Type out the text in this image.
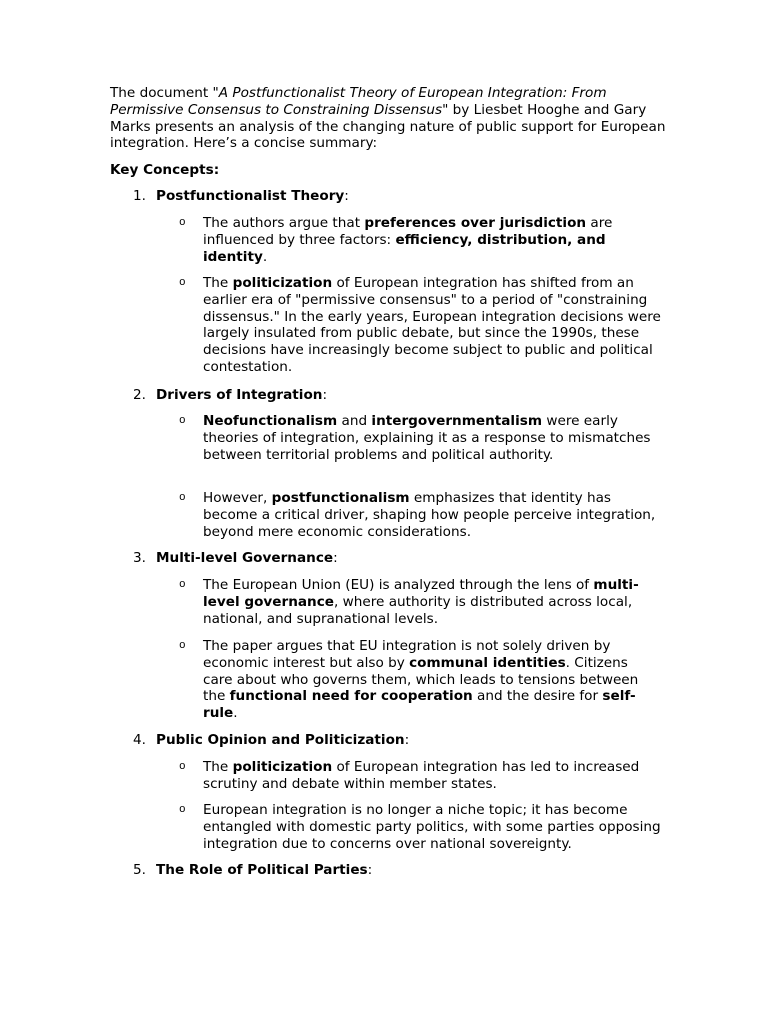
The document "A Postfunctionalist Theory of European Integration: From Permissive Consensus to Constraining Dissensus" by Liesbet Hooghe and Gary Marks presents an analysis of the changing nature of public support for European integration. Here’s a concise summary:

Key Concepts:

1. Postfunctionalist Theory:

2. Drivers of Integration:

3. Multi-level Governance:

4. Public Opinion and Politicization:

5. The Role of Political Parties:

o The authors argue that preferences over jurisdiction are influenced by three factors: efficiency, distribution, and identity.
o The politicization of European integration has shifted from an earlier era of "permissive consensus" to a period of "constraining dissensus." In the early years, European integration decisions were largely insulated from public debate, but since the 1990s, these decisions have increasingly become subject to public and political contestation.
o Neofunctionalism and intergovernmentalism were early theories of integration, explaining it as a response to mismatches between territorial problems and political authority.
o However, postfunctionalism emphasizes that identity has become a critical driver, shaping how people perceive integration, beyond mere economic considerations.
o The European Union (EU) is analyzed through the lens of multi-level governance, where authority is distributed across local, national, and supranational levels.
o The paper argues that EU integration is not solely driven by economic interest but also by communal identities. Citizens care about who governs them, which leads to tensions between the functional need for cooperation and the desire for self-rule.
o The politicization of European integration has led to increased scrutiny and debate within member states.
o European integration is no longer a niche topic; it has become entangled with domestic party politics, with some parties opposing integration due to concerns over national sovereignty.
